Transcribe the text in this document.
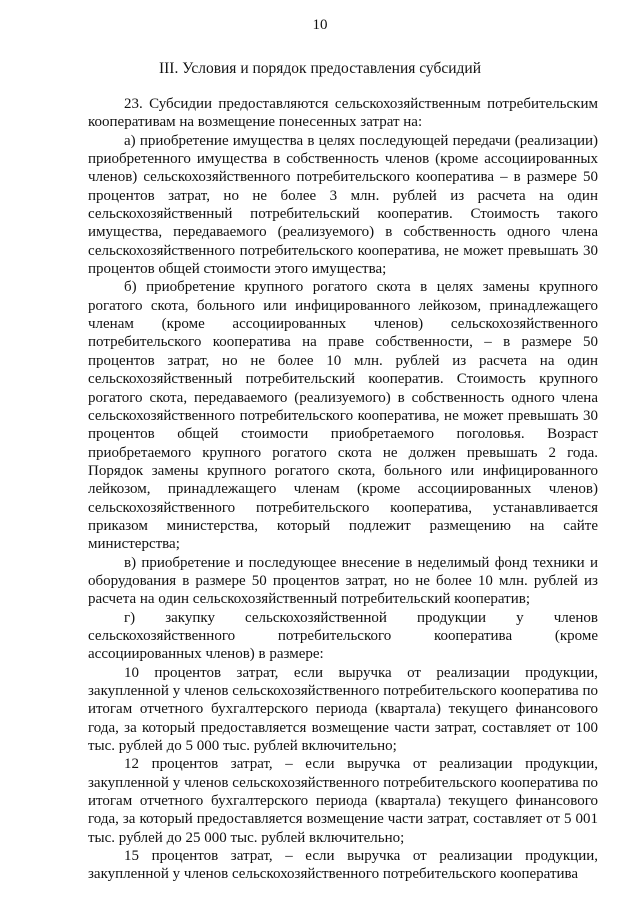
10
III. Условия и порядок предоставления субсидий

23. Субсидии предоставляются сельскохозяйственным потребительским кооперативам на возмещение понесенных затрат на:

а) приобретение имущества в целях последующей передачи (реализации) приобретенного имущества в собственность членов (кроме ассоциированных членов) сельскохозяйственного потребительского кооператива – в размере 50 процентов затрат, но не более 3 млн. рублей из расчета на один сельскохозяйственный потребительский кооператив. Стоимость такого имущества, передаваемого (реализуемого) в собственность одного члена сельскохозяйственного потребительского кооператива, не может превышать 30 процентов общей стоимости этого имущества;

б) приобретение крупного рогатого скота в целях замены крупного рогатого скота, больного или инфицированного лейкозом, принадлежащего членам (кроме ассоциированных членов) сельскохозяйственного потребительского кооператива на праве собственности, – в размере 50 процентов затрат, но не более 10 млн. рублей из расчета на один сельскохозяйственный потребительский кооператив. Стоимость крупного рогатого скота, передаваемого (реализуемого) в собственность одного члена сельскохозяйственного потребительского кооператива, не может превышать 30 процентов общей стоимости приобретаемого поголовья. Возраст приобретаемого крупного рогатого скота не должен превышать 2 года. Порядок замены крупного рогатого скота, больного или инфицированного лейкозом, принадлежащего членам (кроме ассоциированных членов) сельскохозяйственного потребительского кооператива, устанавливается приказом министерства, который подлежит размещению на сайте министерства;

в) приобретение и последующее внесение в неделимый фонд техники и оборудования в размере 50 процентов затрат, но не более 10 млн. рублей из расчета на один сельскохозяйственный потребительский кооператив;

г) закупку сельскохозяйственной продукции у членов сельскохозяйственного потребительского кооператива (кроме ассоциированных членов) в размере:

10 процентов затрат, если выручка от реализации продукции, закупленной у членов сельскохозяйственного потребительского кооператива по итогам отчетного бухгалтерского периода (квартала) текущего финансового года, за который предоставляется возмещение части затрат, составляет от 100 тыс. рублей до 5 000 тыс. рублей включительно;

12 процентов затрат, – если выручка от реализации продукции, закупленной у членов сельскохозяйственного потребительского кооператива по итогам отчетного бухгалтерского периода (квартала) текущего финансового года, за который предоставляется возмещение части затрат, составляет от 5 001 тыс. рублей до 25 000 тыс. рублей включительно;

15 процентов затрат, – если выручка от реализации продукции, закупленной у членов сельскохозяйственного потребительского кооператива
